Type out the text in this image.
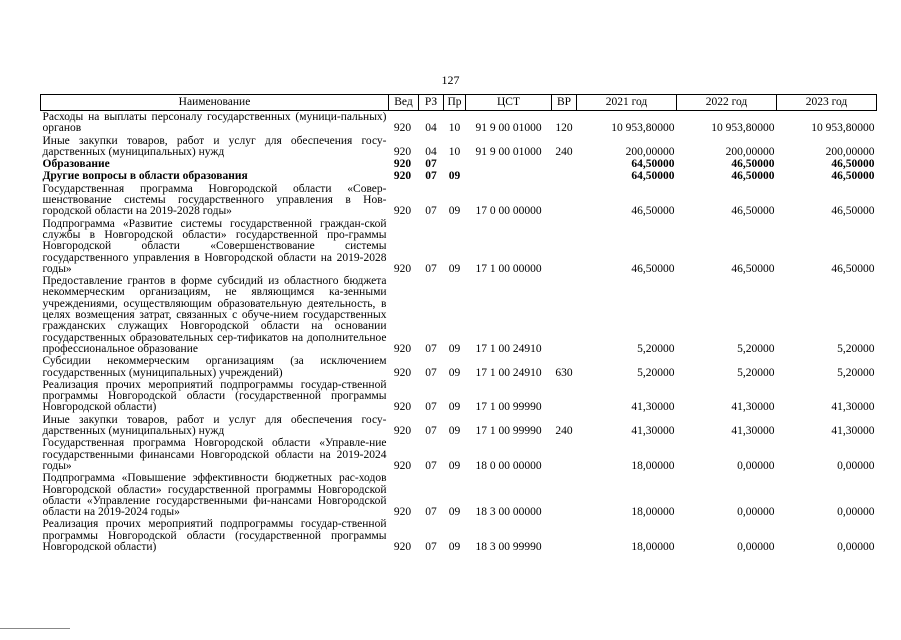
127
Наименование	Вед	РЗ	Пр	ЦСТ	ВР	2021 год	2022 год	2023 год
Расходы на выплаты персоналу государственных (муници-пальных) органов	920	04	10	91 9 00 01000	120	10 953,80000	10 953,80000	10 953,80000
Иные закупки товаров, работ и услуг для обеспечения госу-дарственных (муниципальных) нужд	920	04	10	91 9 00 01000	240	200,00000	200,00000	200,00000
Образование	920	07				64,50000	46,50000	46,50000
Другие вопросы в области образования	920	07	09			64,50000	46,50000	46,50000
Государственная программа Новгородской области «Совер-шенствование системы государственного управления в Нов-городской области на 2019-2028 годы»	920	07	09	17 0 00 00000		46,50000	46,50000	46,50000
Подпрограмма «Развитие системы государственной граждан-ской службы в Новгородской области» государственной про-граммы Новгородской области «Совершенствование системы государственного управления в Новгородской области на 2019-2028 годы»	920	07	09	17 1 00 00000		46,50000	46,50000	46,50000
Предоставление грантов в форме субсидий из областного бюджета некоммерческим организациям, не являющимся ка-зенными учреждениями, осуществляющим образовательную деятельность, в целях возмещения затрат, связанных с обуче-нием государственных гражданских служащих Новгородской области на основании государственных образовательных сер-тификатов на дополнительное профессиональное образование	920	07	09	17 1 00 24910		5,20000	5,20000	5,20000
Субсидии некоммерческим организациям (за исключением государственных (муниципальных) учреждений)	920	07	09	17 1 00 24910	630	5,20000	5,20000	5,20000
Реализация прочих мероприятий подпрограммы государ-ственной программы Новгородской области (государственной программы Новгородской области)	920	07	09	17 1 00 99990		41,30000	41,30000	41,30000
Иные закупки товаров, работ и услуг для обеспечения госу-дарственных (муниципальных) нужд	920	07	09	17 1 00 99990	240	41,30000	41,30000	41,30000
Государственная программа Новгородской области «Управле-ние государственными финансами Новгородской области на 2019-2024 годы»	920	07	09	18 0 00 00000		18,00000	0,00000	0,00000
Подпрограмма «Повышение эффективности бюджетных рас-ходов Новгородской области» государственной программы Новгородской области «Управление государственными фи-нансами Новгородской области на 2019-2024 годы»	920	07	09	18 3 00 00000		18,00000	0,00000	0,00000
Реализация прочих мероприятий подпрограммы государ-ственной программы Новгородской области (государственной программы Новгородской области)	920	07	09	18 3 00 99990		18,00000	0,00000	0,00000
